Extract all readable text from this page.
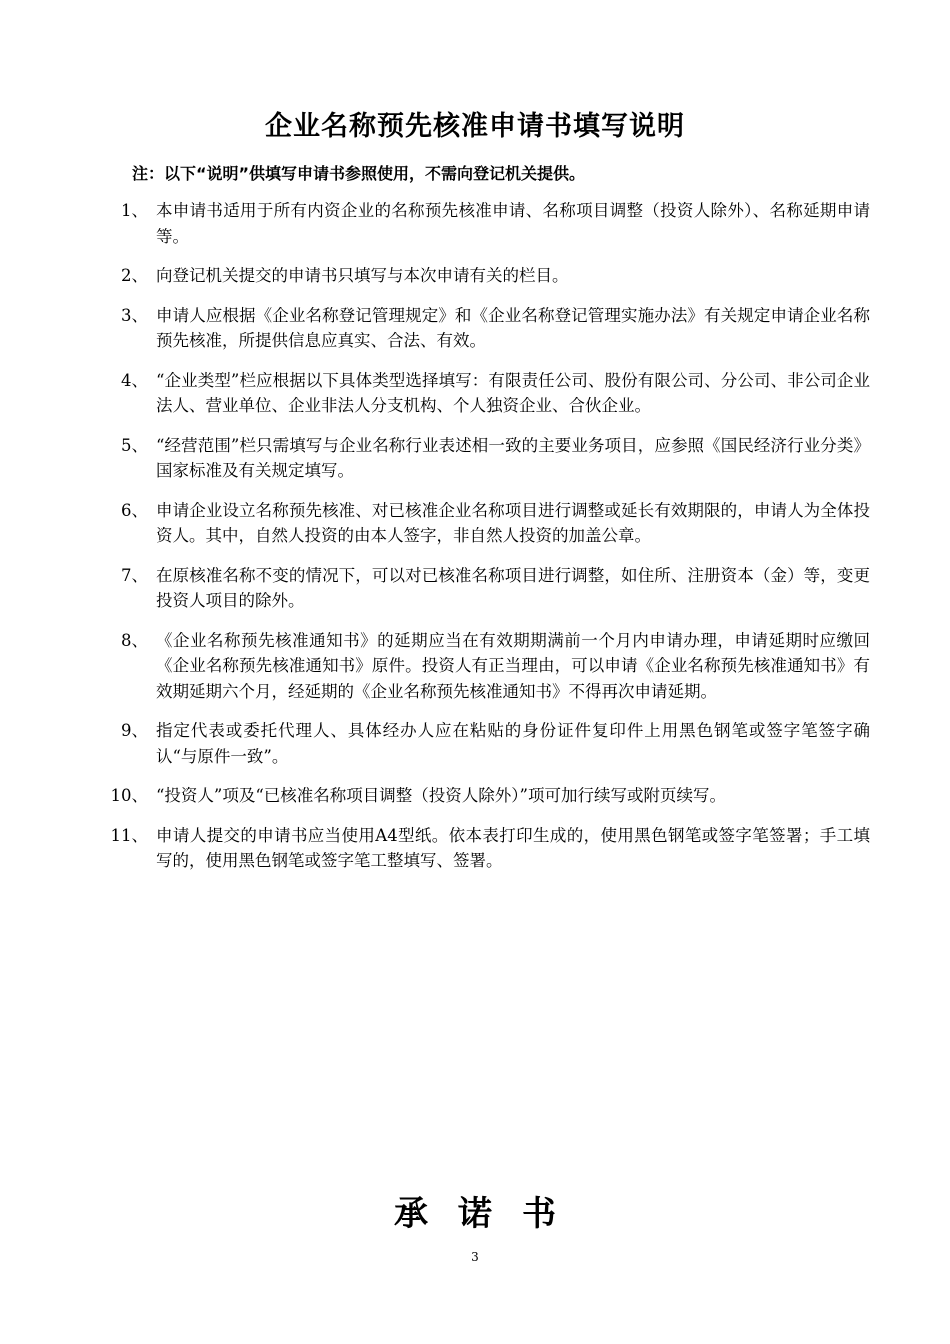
企业名称预先核准申请书填写说明
注：以下“说明”供填写申请书参照使用，不需向登记机关提供。
1、 本申请书适用于所有内资企业的名称预先核准申请、名称项目调整（投资人除外）、名称延期申请等。
2、 向登记机关提交的申请书只填写与本次申请有关的栏目。
3、 申请人应根据《企业名称登记管理规定》和《企业名称登记管理实施办法》有关规定申请企业名称预先核准，所提供信息应真实、合法、有效。
4、 “企业类型”栏应根据以下具体类型选择填写：有限责任公司、股份有限公司、分公司、非公司企业法人、营业单位、企业非法人分支机构、个人独资企业、合伙企业。
5、 “经营范围”栏只需填写与企业名称行业表述相一致的主要业务项目，应参照《国民经济行业分类》国家标准及有关规定填写。
6、 申请企业设立名称预先核准、对已核准企业名称项目进行调整或延长有效期限的，申请人为全体投资人。其中，自然人投资的由本人签字，非自然人投资的加盖公章。
7、 在原核准名称不变的情况下，可以对已核准名称项目进行调整，如住所、注册资本（金）等，变更投资人项目的除外。
8、 《企业名称预先核准通知书》的延期应当在有效期期满前一个月内申请办理，申请延期时应缴回《企业名称预先核准通知书》原件。投资人有正当理由，可以申请《企业名称预先核准通知书》有效期延期六个月，经延期的《企业名称预先核准通知书》不得再次申请延期。
9、 指定代表或委托代理人、具体经办人应在粘贴的身份证件复印件上用黑色钢笔或签字笔签字确认“与原件一致”。
10、 “投资人”项及“已核准名称项目调整（投资人除外）”项可加行续写或附页续写。
11、 申请人提交的申请书应当使用A4型纸。依本表打印生成的，使用黑色钢笔或签字笔签署；手工填写的，使用黑色钢笔或签字笔工整填写、签署。
承诺书
3
